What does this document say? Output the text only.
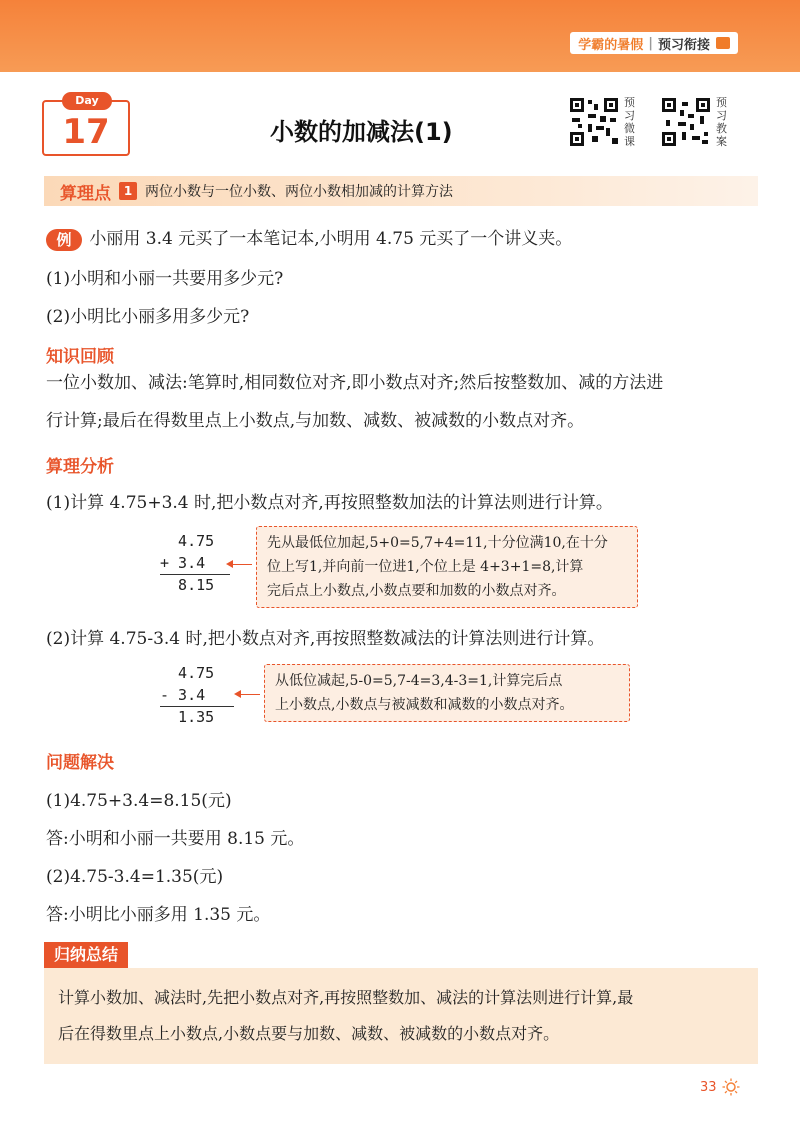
学霸的暑假 | 预习衔接
Day
17	小数的加减法(1)
预
习
微
课
预
习
教
案
算理点	1 两位小数与一位小数、两位小数相加减的计算方法
例 小丽用 3.4 元买了一本笔记本,小明用 4.75 元买了一个讲义夹。
(1)小明和小丽一共要用多少元?
(2)小明比小丽多用多少元?
知识回顾
一位小数加、减法:笔算时,相同数位对齐,即小数点对齐;然后按整数加、减的方法进
行计算;最后在得数里点上小数点,与加数、减数、被减数的小数点对齐。
算理分析
(1)计算 4.75+3.4 时,把小数点对齐,再按照整数加法的计算法则进行计算。
4.75
+ 3.4
8.15
先从最低位加起,5+0=5,7+4=11,十分位满10,在十分
位上写1,并向前一位进1,个位上是 4+3+1=8,计算
完后点上小数点,小数点要和加数的小数点对齐。
(2)计算 4.75-3.4 时,把小数点对齐,再按照整数减法的计算法则进行计算。
4.75
- 3.4
1.35
从低位减起,5-0=5,7-4=3,4-3=1,计算完后点
上小数点,小数点与被减数和减数的小数点对齐。
问题解决
(1)4.75+3.4=8.15(元)
答:小明和小丽一共要用 8.15 元。
(2)4.75-3.4=1.35(元)
答:小明比小丽多用 1.35 元。
归纳总结
计算小数加、减法时,先把小数点对齐,再按照整数加、减法的计算法则进行计算,最
后在得数里点上小数点,小数点要与加数、减数、被减数的小数点对齐。
33
